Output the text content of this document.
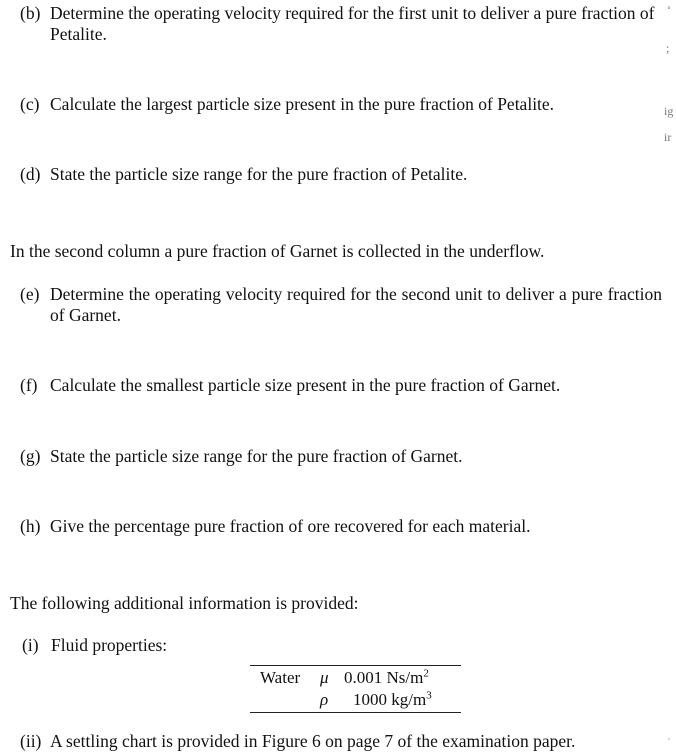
(b) Determine the operating velocity required for the first unit to deliver a pure fraction of Petalite.
(c) Calculate the largest particle size present in the pure fraction of Petalite.
(d) State the particle size range for the pure fraction of Petalite.
In the second column a pure fraction of Garnet is collected in the underflow.
(e) Determine the operating velocity required for the second unit to deliver a pure fraction of Garnet.
(f) Calculate the smallest particle size present in the pure fraction of Garnet.
(g) State the particle size range for the pure fraction of Garnet.
(h) Give the percentage pure fraction of ore recovered for each material.
The following additional information is provided:
(i) Fluid properties:
Water μ 0.001 $Ns/m^2$
ρ 1000 $kg/m^3$
(ii) A settling chart is provided in Figure 6 on page 7 of the examination paper.
˚
;
ig
ir
˙
